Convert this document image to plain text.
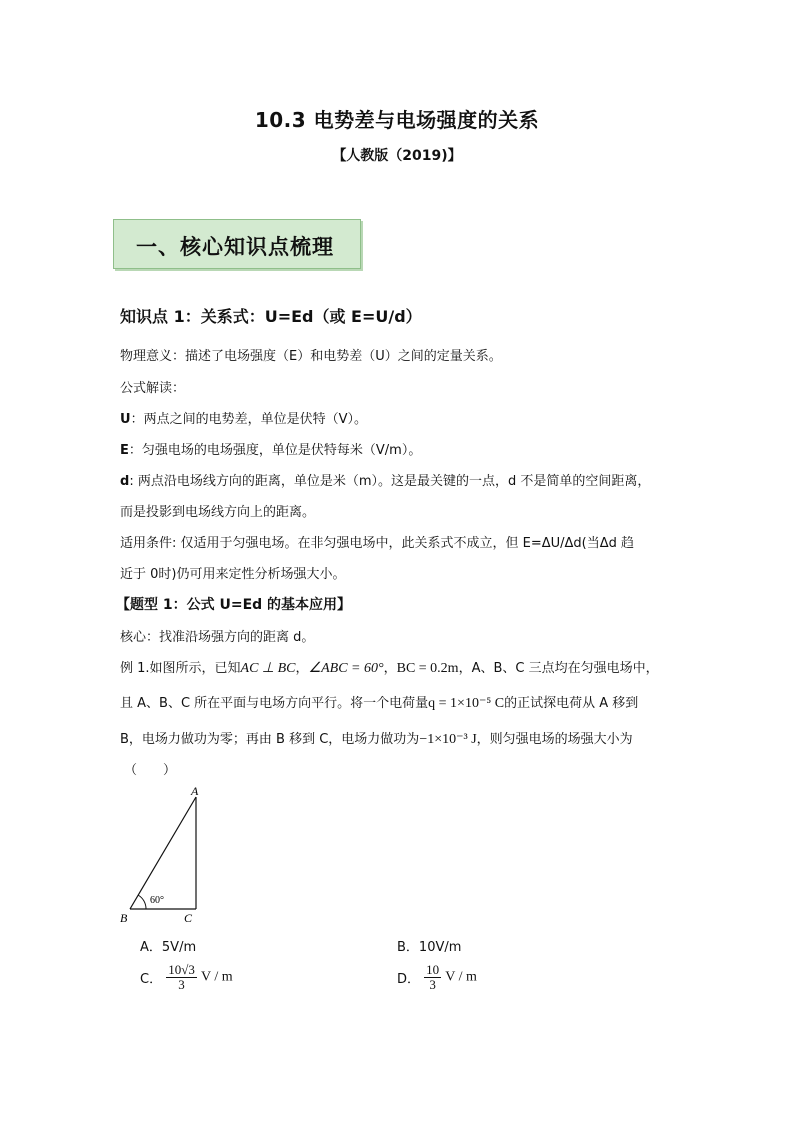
10.3 电势差与电场强度的关系
【人教版（2019)】
一、核心知识点梳理
知识点 1：关系式：U=Ed（或 E=U/d）
物理意义：描述了电场强度（E）和电势差（U）之间的定量关系。
公式解读：
U：两点之间的电势差，单位是伏特（V）。
E：匀强电场的电场强度，单位是伏特每米（V/m）。
d: 两点沿电场线方向的距离，单位是米（m）。这是最关键的一点，d 不是简单的空间距离，
而是投影到电场线方向上的距离。
适用条件: 仅适用于匀强电场。在非匀强电场中，此关系式不成立，但 E=ΔU/Δd(当Δd 趋
近于 0时)仍可用来定性分析场强大小。
【题型 1：公式 U=Ed 的基本应用】
核心：找准沿场强方向的距离 d。
例 1.如图所示，已知AC ⊥ BC，∠ABC = 60°，BC = 0.2m，A、B、C 三点均在匀强电场中，
且 A、B、C 所在平面与电场方向平行。将一个电荷量q = 1×10⁻⁵ C的正试探电荷从 A 移到
B，电场力做功为零；再由 B 移到 C，电场力做功为−1×10⁻³ J，则匀强电场的场强大小为
（　　）
A
B	C
60°
A．5V/m	B．10V/m
C． $\frac{10√3}{3}$ V / m	D． $\frac{10}{3}$ V / m
